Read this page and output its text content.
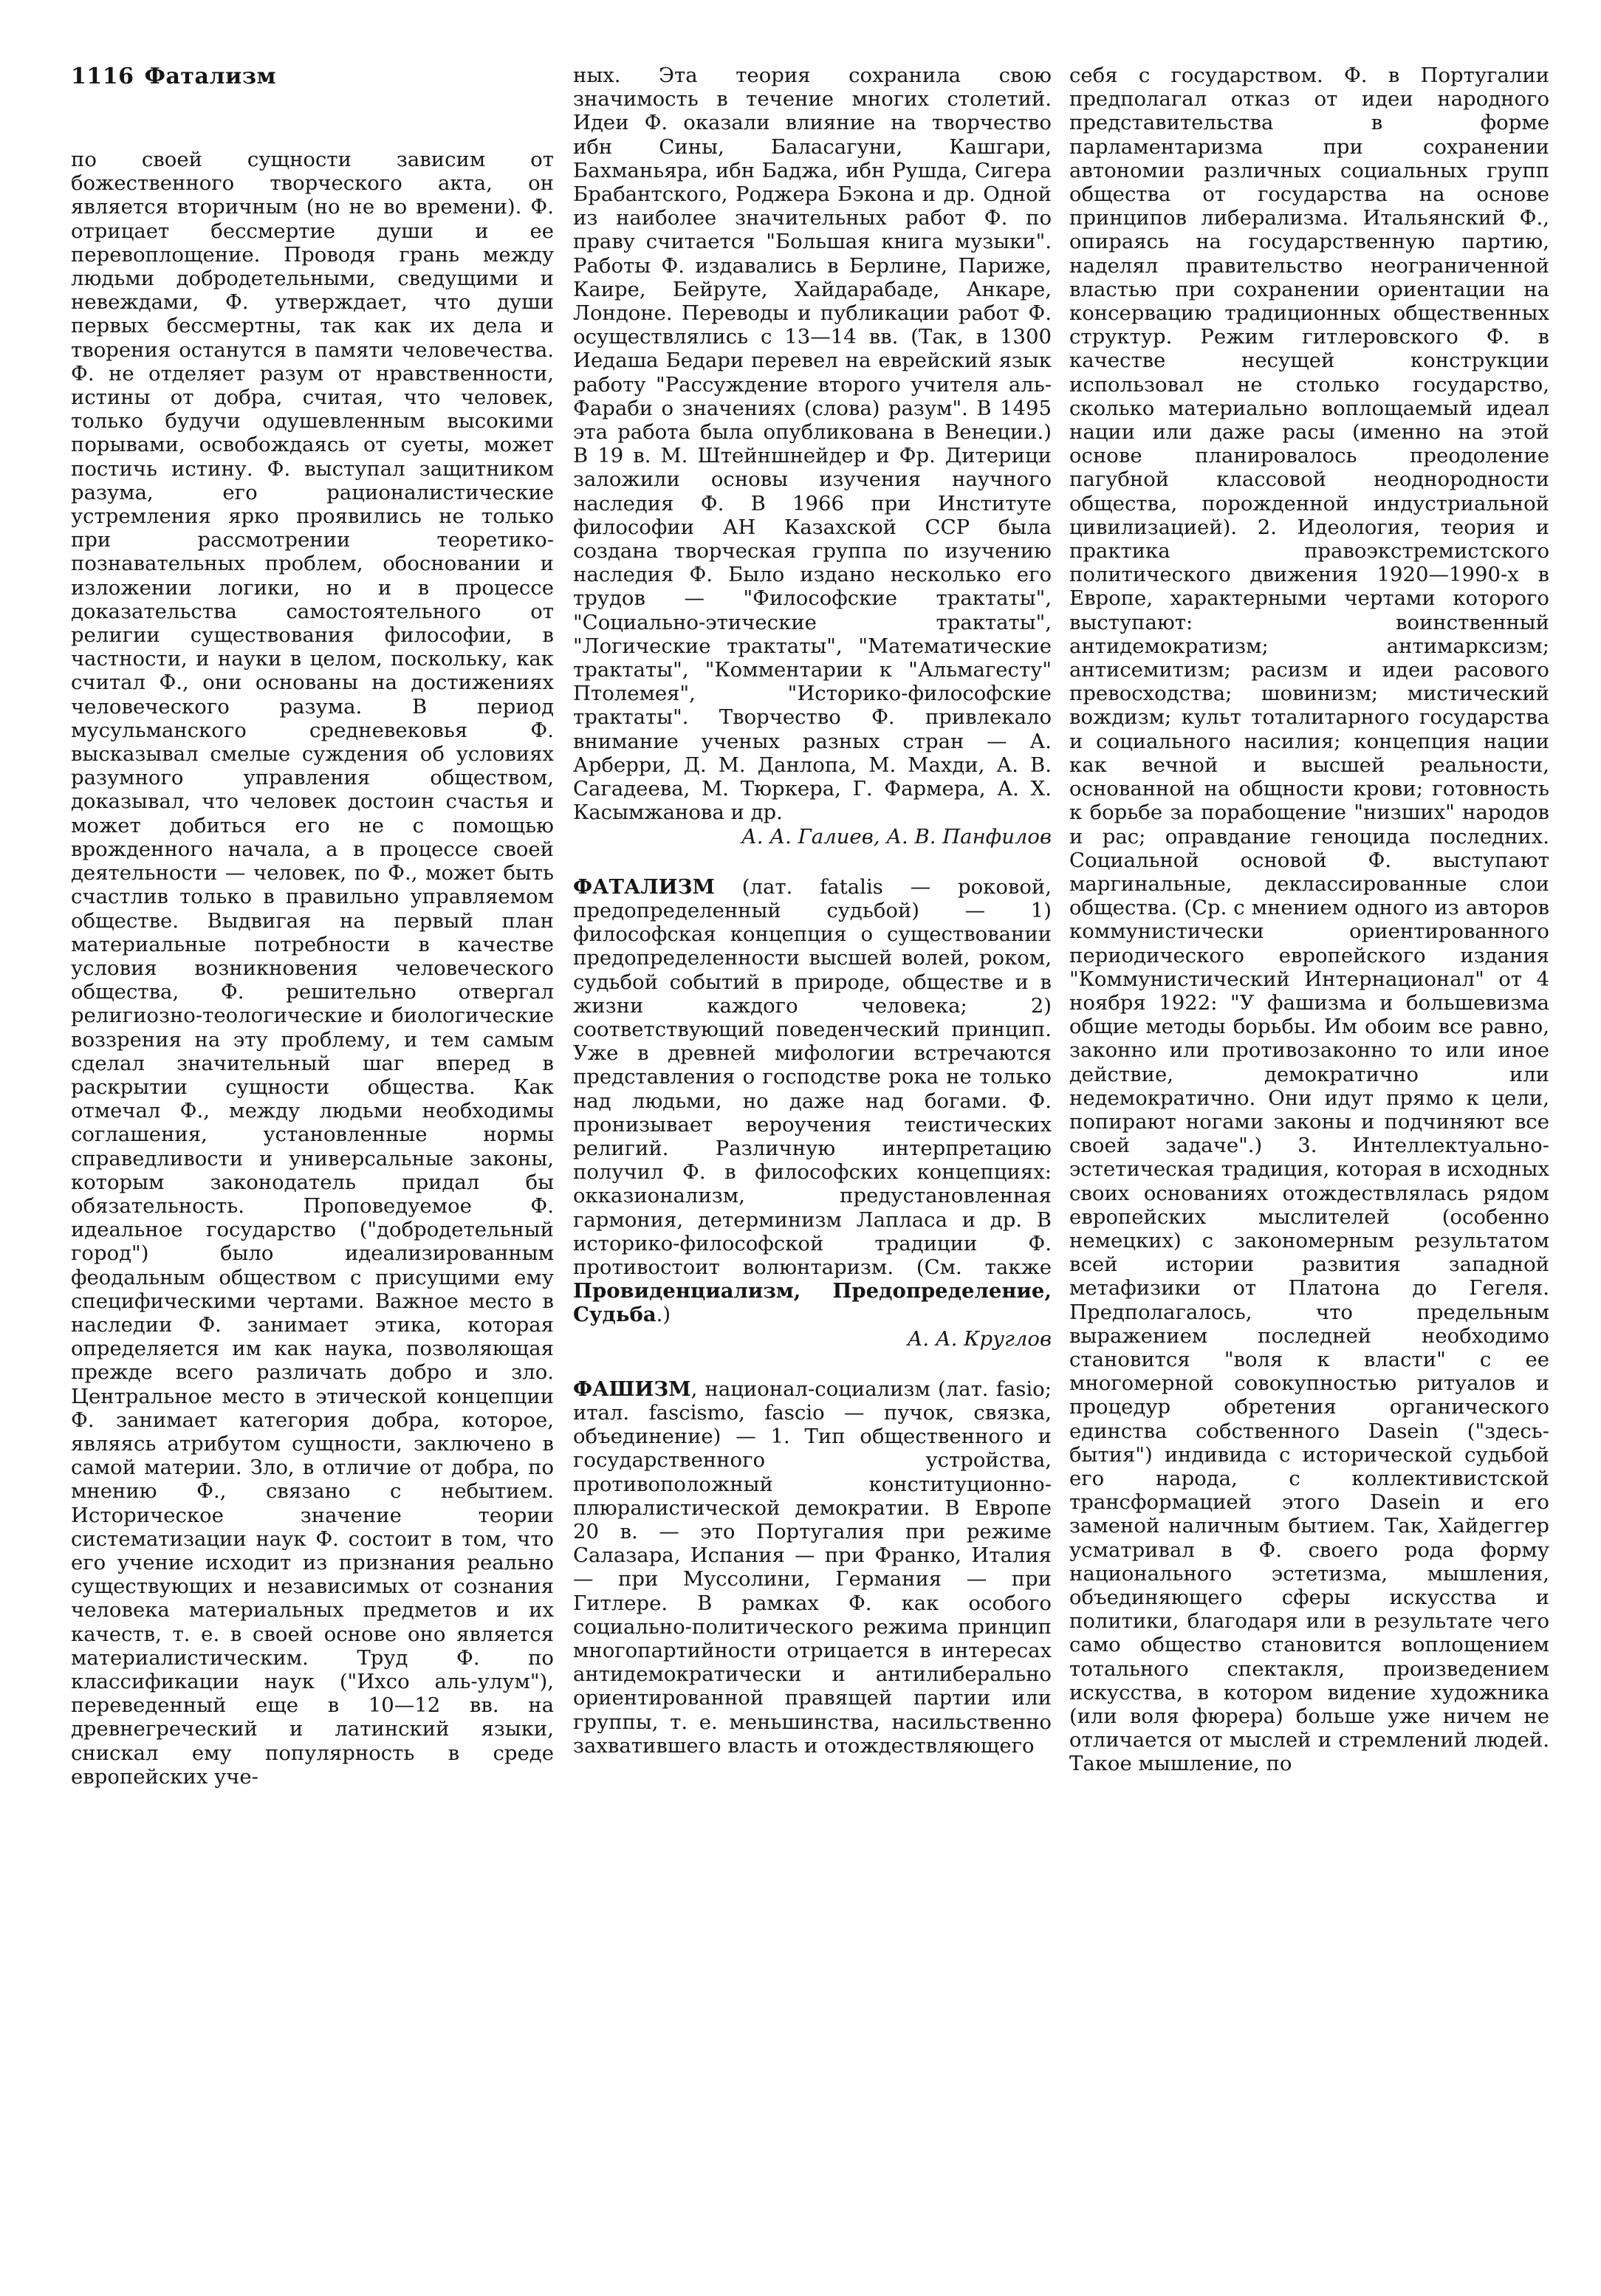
1116 Фатализм

по своей сущности зависим от божественного творческого акта, он является вторичным (но не во времени). Ф. отрицает бессмертие души и ее перевоплощение. Проводя грань между людьми добродетельными, сведущими и невеждами, Ф. утверждает, что души первых бессмертны, так как их дела и творения останутся в памяти человечества. Ф. не отделяет разум от нравственности, истины от добра, считая, что человек, только будучи одушевленным высокими порывами, освобождаясь от суеты, может постичь истину. Ф. выступал защитником разума, его рационалистические устремления ярко проявились не только при рассмотрении теоретико-познавательных проблем, обосновании и изложении логики, но и в процессе доказательства самостоятельного от религии существования философии, в частности, и науки в целом, поскольку, как считал Ф., они основаны на достижениях человеческого разума. В период мусульманского средневековья Ф. высказывал смелые суждения об условиях разумного управления обществом, доказывал, что человек достоин счастья и может добиться его не с помощью врожденного начала, а в процессе своей деятельности — человек, по Ф., может быть счастлив только в правильно управляемом обществе. Выдвигая на первый план материальные потребности в качестве условия возникновения человеческого общества, Ф. решительно отвергал религиозно-теологические и биологические воззрения на эту проблему, и тем самым сделал значительный шаг вперед в раскрытии сущности общества. Как отмечал Ф., между людьми необходимы соглашения, установленные нормы справедливости и универсальные законы, которым законодатель придал бы обязательность. Проповедуемое Ф. идеальное государство ("добродетельный город") было идеализированным феодальным обществом с присущими ему специфическими чертами. Важное место в наследии Ф. занимает этика, которая определяется им как наука, позволяющая прежде всего различать добро и зло. Центральное место в этической концепции Ф. занимает категория добра, которое, являясь атрибутом сущности, заключено в самой материи. Зло, в отличие от добра, по мнению Ф., связано с небытием. Историческое значение теории систематизации наук Ф. состоит в том, что его учение исходит из признания реально существующих и независимых от сознания человека материальных предметов и их качеств, т. е. в своей основе оно является материалистическим. Труд Ф. по классификации наук ("Ихсо аль-улум"), переведенный еще в 10—12 вв. на древнегреческий и латинский языки, снискал ему популярность в среде европейских уче-

ных. Эта теория сохранила свою значимость в течение многих столетий. Идеи Ф. оказали влияние на творчество ибн Сины, Баласагуни, Кашгари, Бахманьяра, ибн Баджа, ибн Рушда, Сигера Брабантского, Роджера Бэкона и др. Одной из наиболее значительных работ Ф. по праву считается "Большая книга музыки". Работы Ф. издавались в Берлине, Париже, Каире, Бейруте, Хайдарабаде, Анкаре, Лондоне. Переводы и публикации работ Ф. осуществлялись с 13—14 вв. (Так, в 1300 Иедаша Бедари перевел на еврейский язык работу "Рассуждение второго учителя аль-Фараби о значениях (слова) разум". В 1495 эта работа была опубликована в Венеции.) В 19 в. М. Штейншнейдер и Фр. Дитерици заложили основы изучения научного наследия Ф. В 1966 при Институте философии АН Казахской ССР была создана творческая группа по изучению наследия Ф. Было издано несколько его трудов — "Философские трактаты", "Социально-этические трактаты", "Логические трактаты", "Математические трактаты", "Комментарии к "Альмагесту" Птолемея", "Историко-философские трактаты". Творчество Ф. привлекало внимание ученых разных стран — А. Арберри, Д. М. Данлопа, М. Махди, А. В. Сагадеева, М. Тюркера, Г. Фармера, А. Х. Касымжанова и др.

А. А. Галиев, А. В. Панфилов

ФАТАЛИЗМ (лат. fatalis — роковой, предопределенный судьбой) — 1) философская концепция о существовании предопределенности высшей волей, роком, судьбой событий в природе, обществе и в жизни каждого человека; 2) соответствующий поведенческий принцип. Уже в древней мифологии встречаются представления о господстве рока не только над людьми, но даже над богами. Ф. пронизывает вероучения теистических религий. Различную интерпретацию получил Ф. в философских концепциях: окказионализм, предустановленная гармония, детерминизм Лапласа и др. В историко-философской традиции Ф. противостоит волюнтаризм. (См. также Провиденциализм, Предопределение, Судьба.)

А. А. Круглов

ФАШИЗМ, национал-социализм (лат. fasio; итал. fascismo, fascio — пучок, связка, объединение) — 1. Тип общественного и государственного устройства, противоположный конституционно-плюралистической демократии. В Европе 20 в. — это Португалия при режиме Салазара, Испания — при Франко, Италия — при Муссолини, Германия — при Гитлере. В рамках Ф. как особого социально-политического режима принцип многопартийности отрицается в интересах антидемократически и антилиберально ориентированной правящей партии или группы, т. е. меньшинства, насильственно захватившего власть и отождествляющего

себя с государством. Ф. в Португалии предполагал отказ от идеи народного представительства в форме парламентаризма при сохранении автономии различных социальных групп общества от государства на основе принципов либерализма. Итальянский Ф., опираясь на государственную партию, наделял правительство неограниченной властью при сохранении ориентации на консервацию традиционных общественных структур. Режим гитлеровского Ф. в качестве несущей конструкции использовал не столько государство, сколько материально воплощаемый идеал нации или даже расы (именно на этой основе планировалось преодоление пагубной классовой неоднородности общества, порожденной индустриальной цивилизацией). 2. Идеология, теория и практика правоэкстремистского политического движения 1920—1990-х в Европе, характерными чертами которого выступают: воинственный антидемократизм; антимарксизм; антисемитизм; расизм и идеи расового превосходства; шовинизм; мистический вождизм; культ тоталитарного государства и социального насилия; концепция нации как вечной и высшей реальности, основанной на общности крови; готовность к борьбе за порабощение "низших" народов и рас; оправдание геноцида последних. Социальной основой Ф. выступают маргинальные, деклассированные слои общества. (Ср. с мнением одного из авторов коммунистически ориентированного периодического европейского издания "Коммунистический Интернационал" от 4 ноября 1922: "У фашизма и большевизма общие методы борьбы. Им обоим все равно, законно или противозаконно то или иное действие, демократично или недемократично. Они идут прямо к цели, попирают ногами законы и подчиняют все своей задаче".) 3. Интеллектуально-эстетическая традиция, которая в исходных своих основаниях отождествлялась рядом европейских мыслителей (особенно немецких) с закономерным результатом всей истории развития западной метафизики от Платона до Гегеля. Предполагалось, что предельным выражением последней необходимо становится "воля к власти" с ее многомерной совокупностью ритуалов и процедур обретения органического единства собственного Dasein ("здесь-бытия") индивида с исторической судьбой его народа, с коллективистской трансформацией этого Dasein и его заменой наличным бытием. Так, Хайдеггер усматривал в Ф. своего рода форму национального эстетизма, мышления, объединяющего сферы искусства и политики, благодаря или в результате чего само общество становится воплощением тотального спектакля, произведением искусства, в котором видение художника (или воля фюрера) больше уже ничем не отличается от мыслей и стремлений людей. Такое мышление, по
